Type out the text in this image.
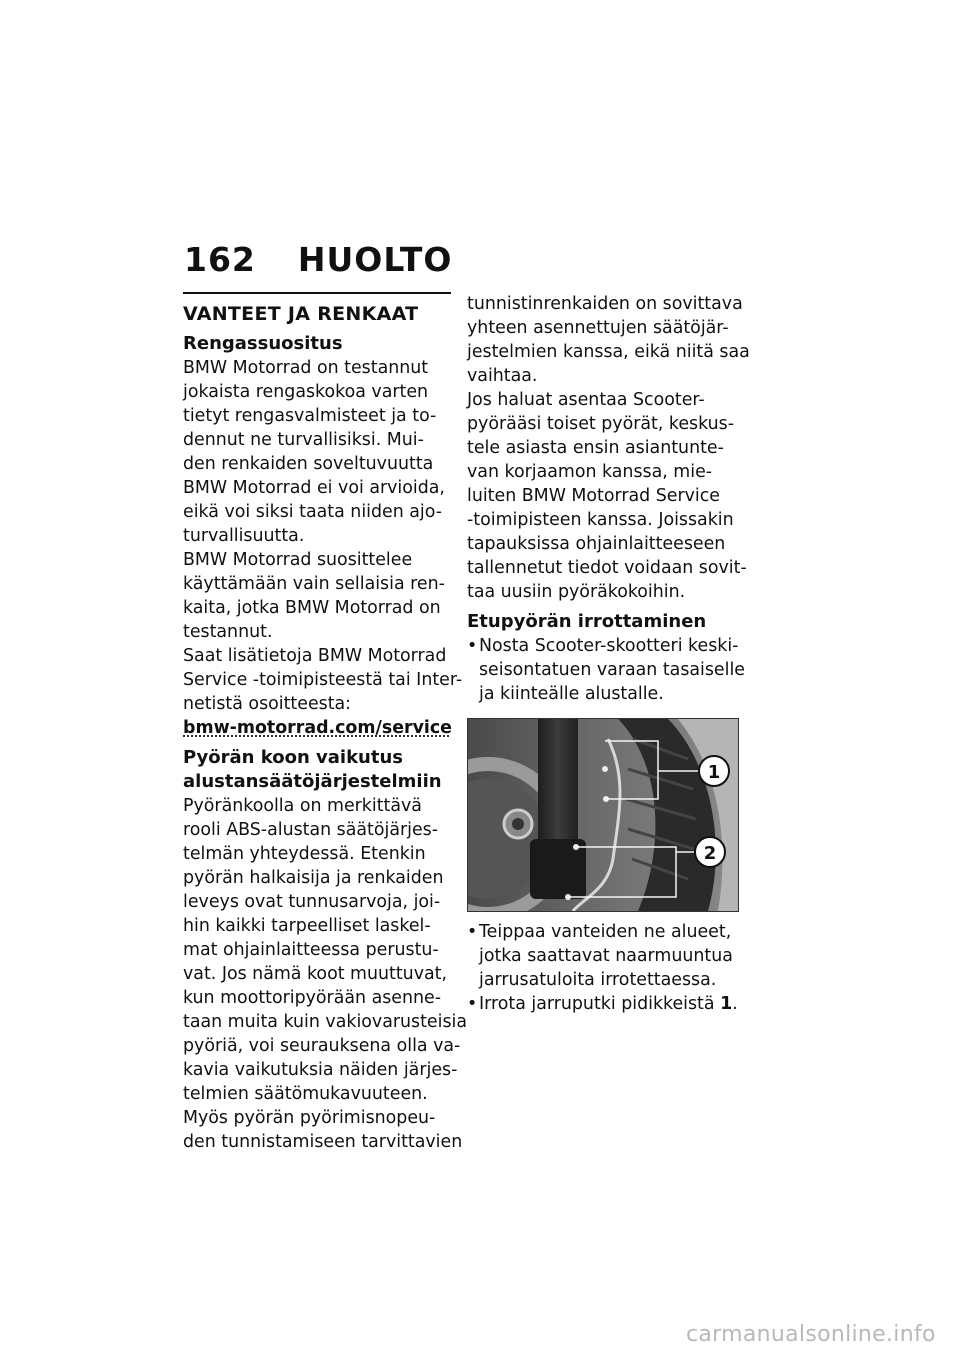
162 HUOLTO
VANTEET JA RENKAAT
Rengassuositus
BMW Motorrad on testannut
jokaista rengaskokoa varten
tietyt rengasvalmisteet ja to-
dennut ne turvallisiksi. Mui-
den renkaiden soveltuvuutta
BMW Motorrad ei voi arvioida,
eikä voi siksi taata niiden ajo-
turvallisuutta.
BMW Motorrad suosittelee
käyttämään vain sellaisia ren-
kaita, jotka BMW Motorrad on
testannut.
Saat lisätietoja BMW Motorrad
Service -toimipisteestä tai Inter-
netistä osoitteesta:
bmw-motorrad.com/service
Pyörän koon vaikutus
alustansäätöjärjestelmiin
Pyöränkoolla on merkittävä
rooli ABS-alustan säätöjärjes-
telmän yhteydessä. Etenkin
pyörän halkaisija ja renkaiden
leveys ovat tunnusarvoja, joi-
hin kaikki tarpeelliset laskel-
mat ohjainlaitteessa perustu-
vat. Jos nämä koot muuttuvat,
kun moottoripyörään asenne-
taan muita kuin vakiovarusteisia
pyöriä, voi seurauksena olla va-
kavia vaikutuksia näiden järjes-
telmien säätömukavuuteen.
Myös pyörän pyörimisnopeu-
den tunnistamiseen tarvittavien
tunnistinrenkaiden on sovittava
yhteen asennettujen säätöjär-
jestelmien kanssa, eikä niitä saa
vaihtaa.
Jos haluat asentaa Scooter-
pyörääsi toiset pyörät, keskus-
tele asiasta ensin asiantunte-
van korjaamon kanssa, mie-
luiten BMW Motorrad Service
-toimipisteen kanssa. Joissakin
tapauksissa ohjainlaitteeseen
tallennetut tiedot voidaan sovit-
taa uusiin pyöräkokoihin.
Etupyörän irrottaminen
• Nosta Scooter-skootteri keski-
seisontatuen varaan tasaiselle
ja kiinteälle alustalle.
1
2
• Teippaa vanteiden ne alueet,
jotka saattavat naarmuuntua
jarrusatuloita irrotettaessa.
• Irrota jarruputki pidikkeistä 1.
carmanualsonline.info
